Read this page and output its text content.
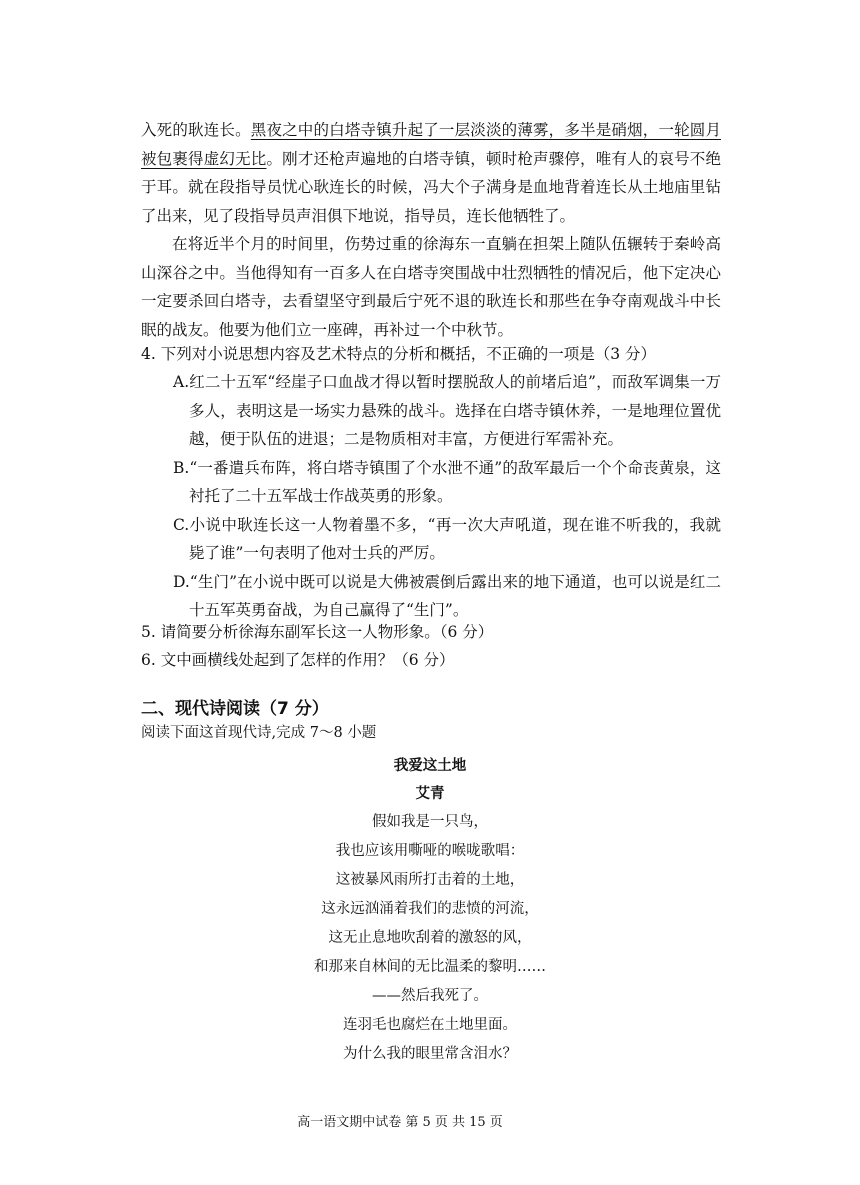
入死的耿连长。黑夜之中的白塔寺镇升起了一层淡淡的薄雾，多半是硝烟，一轮圆月被包裹得虚幻无比。刚才还枪声遍地的白塔寺镇，顿时枪声骤停，唯有人的哀号不绝于耳。就在段指导员忧心耿连长的时候，冯大个子满身是血地背着连长从土地庙里钻了出来，见了段指导员声泪俱下地说，指导员，连长他牺牲了。

在将近半个月的时间里，伤势过重的徐海东一直躺在担架上随队伍辗转于秦岭高山深谷之中。当他得知有一百多人在白塔寺突围战中壮烈牺牲的情况后，他下定决心一定要杀回白塔寺，去看望坚守到最后宁死不退的耿连长和那些在争夺南观战斗中长眠的战友。他要为他们立一座碑，再补过一个中秋节。

4. 下列对小说思想内容及艺术特点的分析和概括，不正确的一项是（3 分）
A.红二十五军“经崖子口血战才得以暂时摆脱敌人的前堵后追”，而敌军调集一万多人，表明这是一场实力悬殊的战斗。选择在白塔寺镇休养，一是地理位置优越，便于队伍的进退；二是物质相对丰富，方便进行军需补充。
B.“一番遣兵布阵，将白塔寺镇围了个水泄不通”的敌军最后一个个命丧黄泉，这衬托了二十五军战士作战英勇的形象。
C.小说中耿连长这一人物着墨不多，“再一次大声吼道，现在谁不听我的，我就毙了谁”一句表明了他对士兵的严厉。
D.“生门”在小说中既可以说是大佛被震倒后露出来的地下通道，也可以说是红二十五军英勇奋战，为自己赢得了“生门”。
5. 请简要分析徐海东副军长这一人物形象。（6 分）
6. 文中画横线处起到了怎样的作用？（6 分）
二、现代诗阅读（7 分）
阅读下面这首现代诗,完成 7～8 小题
我爱这土地
艾青
假如我是一只鸟，
我也应该用嘶哑的喉咙歌唱：
这被暴风雨所打击着的土地，
这永远汹涌着我们的悲愤的河流，
这无止息地吹刮着的激怒的风，
和那来自林间的无比温柔的黎明……
——然后我死了。
连羽毛也腐烂在土地里面。
为什么我的眼里常含泪水？
高一语文期中试卷 第 5 页 共 15 页
